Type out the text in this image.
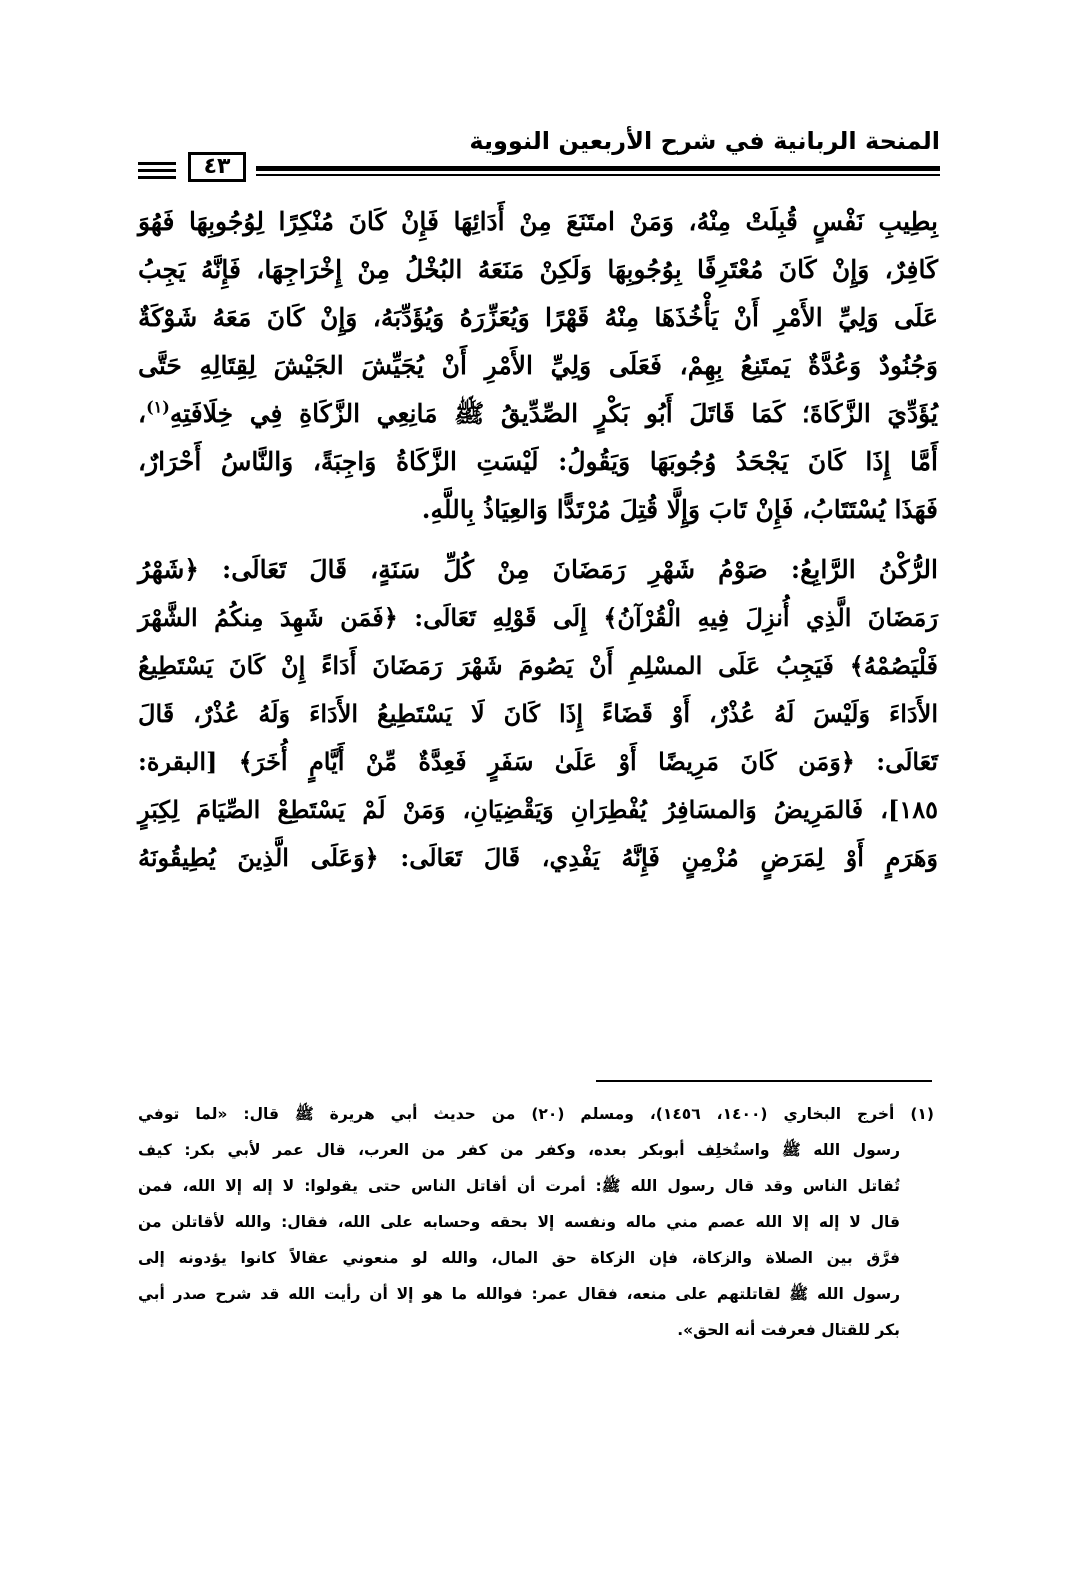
المنحة الربانية في شرح الأربعين النووية
٤٣

بِطِيبِ نَفْسٍ قُبِلَتْ مِنْهُ، وَمَنْ امتَنَعَ مِنْ أَدَائِهَا فَإِنْ كَانَ مُنْكِرًا لِوُجُوبِهَا فَهُوَ

كَافِرٌ، وَإِنْ كَانَ مُعْتَرِفًا بِوُجُوبِهَا وَلَكِنْ مَنَعَهُ البُخْلُ مِنْ إِخْرَاجِهَا، فَإِنَّهُ يَجِبُ

عَلَى وَلِيِّ الأَمْرِ أَنْ يَأْخُذَهَا مِنْهُ قَهْرًا وَيُعَزِّرَهُ وَيُؤَدِّبَهُ، وَإِنْ كَانَ مَعَهُ شَوْكَةٌ

وَجُنُودٌ وَعُدَّةٌ يَمتَنِعُ بِهِمْ، فَعَلَى وَلِيِّ الأَمْرِ أَنْ يُجَيِّشَ الجَيْشَ لِقِتَالِهِ حَتَّى

يُؤَدِّيَ الزَّكَاةَ؛ كَمَا قَاتَلَ أَبُو بَكْرٍ الصِّدِّيقُ ﷺ مَانِعِي الزَّكَاةِ فِي خِلَافَتِهِ$^{(١)}$،

أَمَّا إِذَا كَانَ يَجْحَدُ وُجُوبَهَا وَيَقُولُ: لَيْسَتِ الزَّكَاةُ وَاجِبَةً، وَالنَّاسُ أَحْرَارٌ،

فَهَذَا يُسْتَتَابُ، فَإِنْ تَابَ وَإِلَّا قُتِلَ مُرْتَدًّا وَالعِيَاذُ بِاللَّهِ.

الرُّكْنُ الرَّابِعُ: صَوْمُ شَهْرِ رَمَضَانَ مِنْ كُلِّ سَنَةٍ، قَالَ تَعَالَى: ﴿شَهْرُ

رَمَضَانَ الَّذِي أُنزِلَ فِيهِ الْقُرْآنُ﴾ إِلَى قَوْلِهِ تَعَالَى: ﴿فَمَن شَهِدَ مِنكُمُ الشَّهْرَ

فَلْيَصُمْهُ﴾ فَيَجِبُ عَلَى المسْلِمِ أَنْ يَصُومَ شَهْرَ رَمَضَانَ أَدَاءً إِنْ كَانَ يَسْتَطِيعُ

الأَدَاءَ وَلَيْسَ لَهُ عُذْرٌ، أَوْ قَضَاءً إِذَا كَانَ لَا يَسْتَطِيعُ الأَدَاءَ وَلَهُ عُذْرٌ، قَالَ

تَعَالَى: ﴿وَمَن كَانَ مَرِيضًا أَوْ عَلَىٰ سَفَرٍ فَعِدَّةٌ مِّنْ أَيَّامٍ أُخَرَ﴾ [البقرة:

١٨٥]، فَالمَرِيضُ وَالمسَافِرُ يُفْطِرَانِ وَيَقْضِيَانِ، وَمَنْ لَمْ يَسْتَطِعْ الصِّيَامَ لِكِبَرٍ

وَهَرَمٍ أَوْ لِمَرَضٍ مُزْمِنٍ فَإِنَّهُ يَفْدِي، قَالَ تَعَالَى: ﴿وَعَلَى الَّذِينَ يُطِيقُونَهُ

(١) أخرج البخاري (١٤٠٠، ١٤٥٦)، ومسلم (٢٠) من حديث أبي هريرة ﷺ قال: «لما توفي

رسول الله ﷺ واستُخلِف أبوبكر بعده، وكفر من كفر من العرب، قال عمر لأبي بكر: كيف

تُقاتل الناس وقد قال رسول الله ﷺ: أمرت أن أقاتل الناس حتى يقولوا: لا إله إلا الله، فمن

قال لا إله إلا الله عصم مني ماله ونفسه إلا بحقه وحسابه على الله، فقال: والله لأقاتلن من

فرَّق بين الصلاة والزكاة، فإن الزكاة حق المال، والله لو منعوني عقالاً كانوا يؤدونه إلى

رسول الله ﷺ لقاتلتهم على منعه، فقال عمر: فوالله ما هو إلا أن رأيت الله قد شرح صدر أبي

بكر للقتال فعرفت أنه الحق».
